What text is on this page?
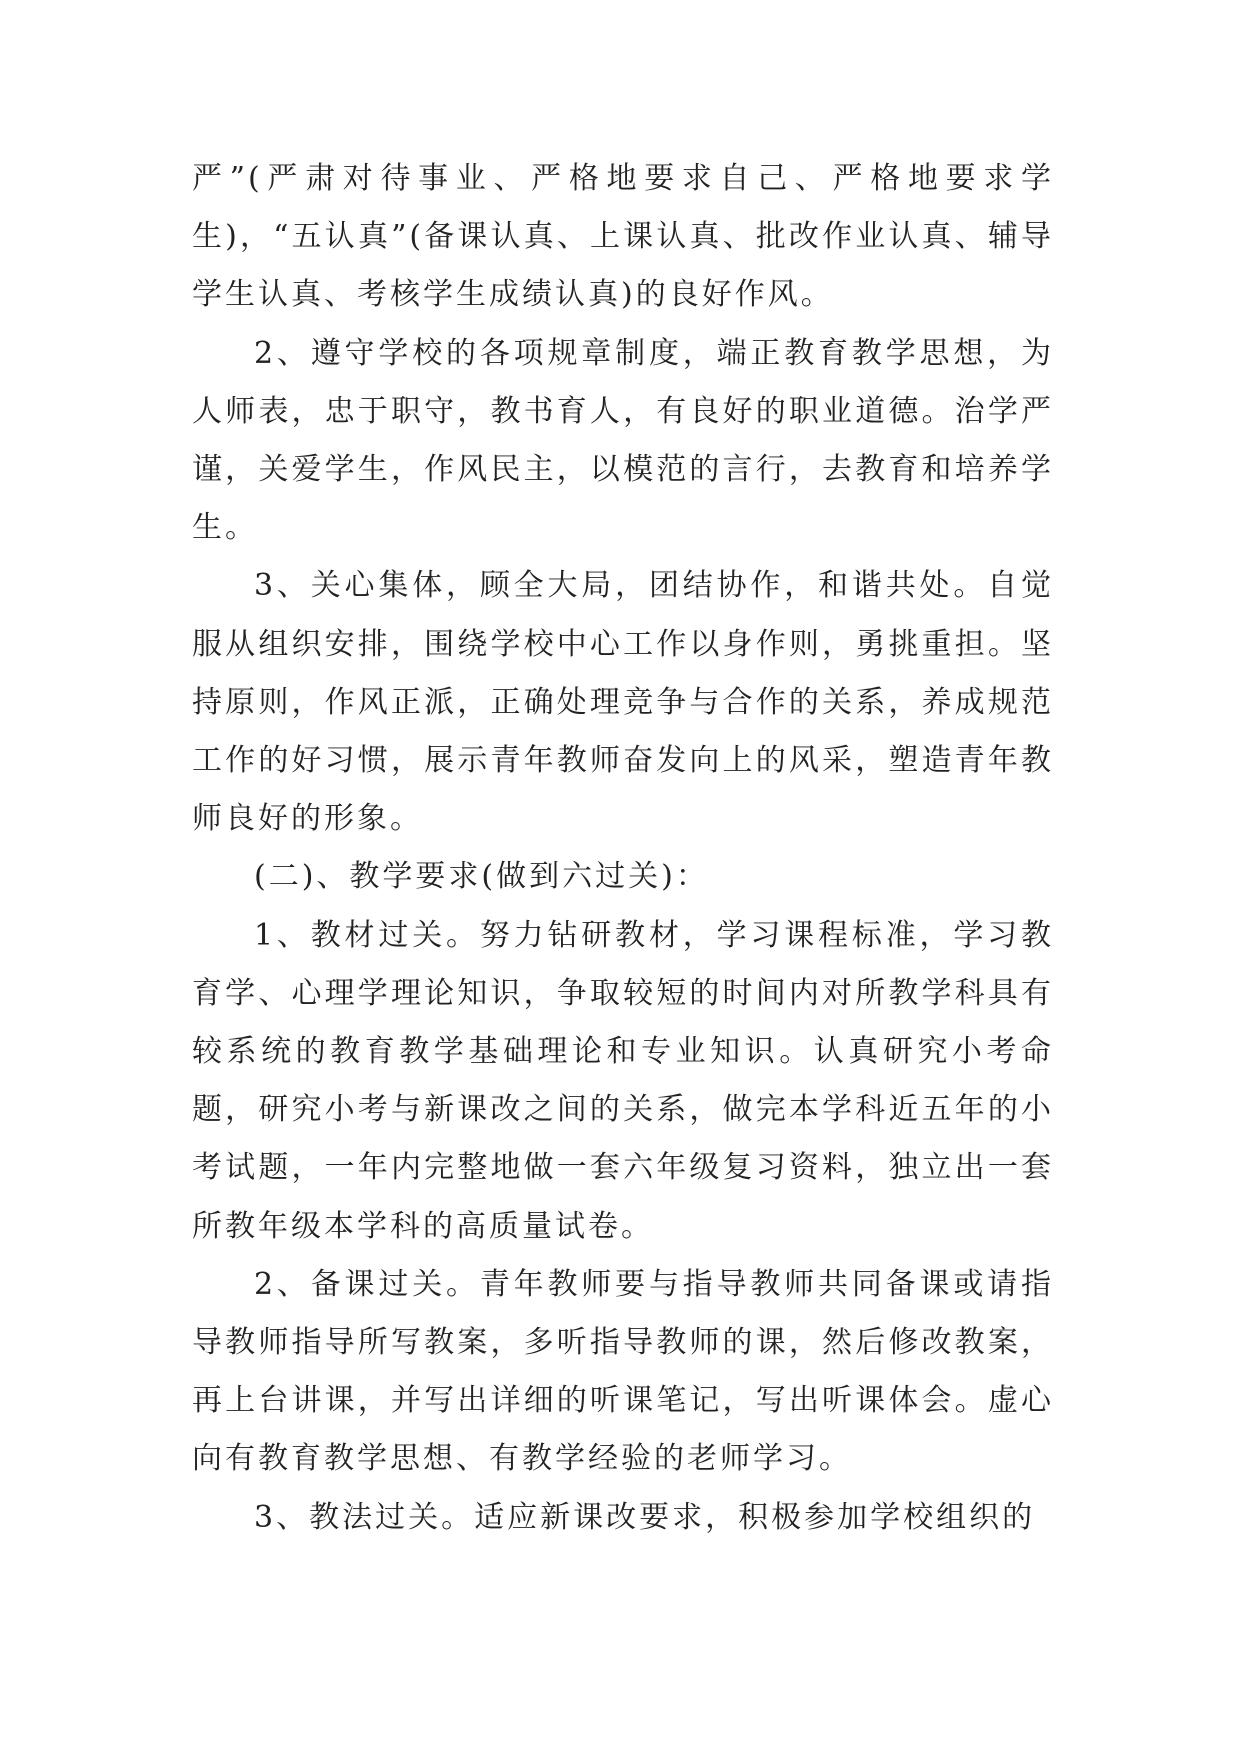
严”(严肃对待事业、严格地要求自己、严格地要求学生)，“五认真”(备课认真、上课认真、批改作业认真、辅导学生认真、考核学生成绩认真)的良好作风。

2、遵守学校的各项规章制度，端正教育教学思想，为人师表，忠于职守，教书育人，有良好的职业道德。治学严谨，关爱学生，作风民主，以模范的言行，去教育和培养学生。

3、关心集体，顾全大局，团结协作，和谐共处。自觉服从组织安排，围绕学校中心工作以身作则，勇挑重担。坚持原则，作风正派，正确处理竞争与合作的关系，养成规范工作的好习惯，展示青年教师奋发向上的风采，塑造青年教师良好的形象。

(二)、教学要求(做到六过关)：

1、教材过关。努力钻研教材，学习课程标准，学习教育学、心理学理论知识，争取较短的时间内对所教学科具有较系统的教育教学基础理论和专业知识。认真研究小考命题，研究小考与新课改之间的关系，做完本学科近五年的小考试题，一年内完整地做一套六年级复习资料，独立出一套所教年级本学科的高质量试卷。

2、备课过关。青年教师要与指导教师共同备课或请指导教师指导所写教案，多听指导教师的课，然后修改教案，再上台讲课，并写出详细的听课笔记，写出听课体会。虚心向有教育教学思想、有教学经验的老师学习。

3、教法过关。适应新课改要求，积极参加学校组织的
